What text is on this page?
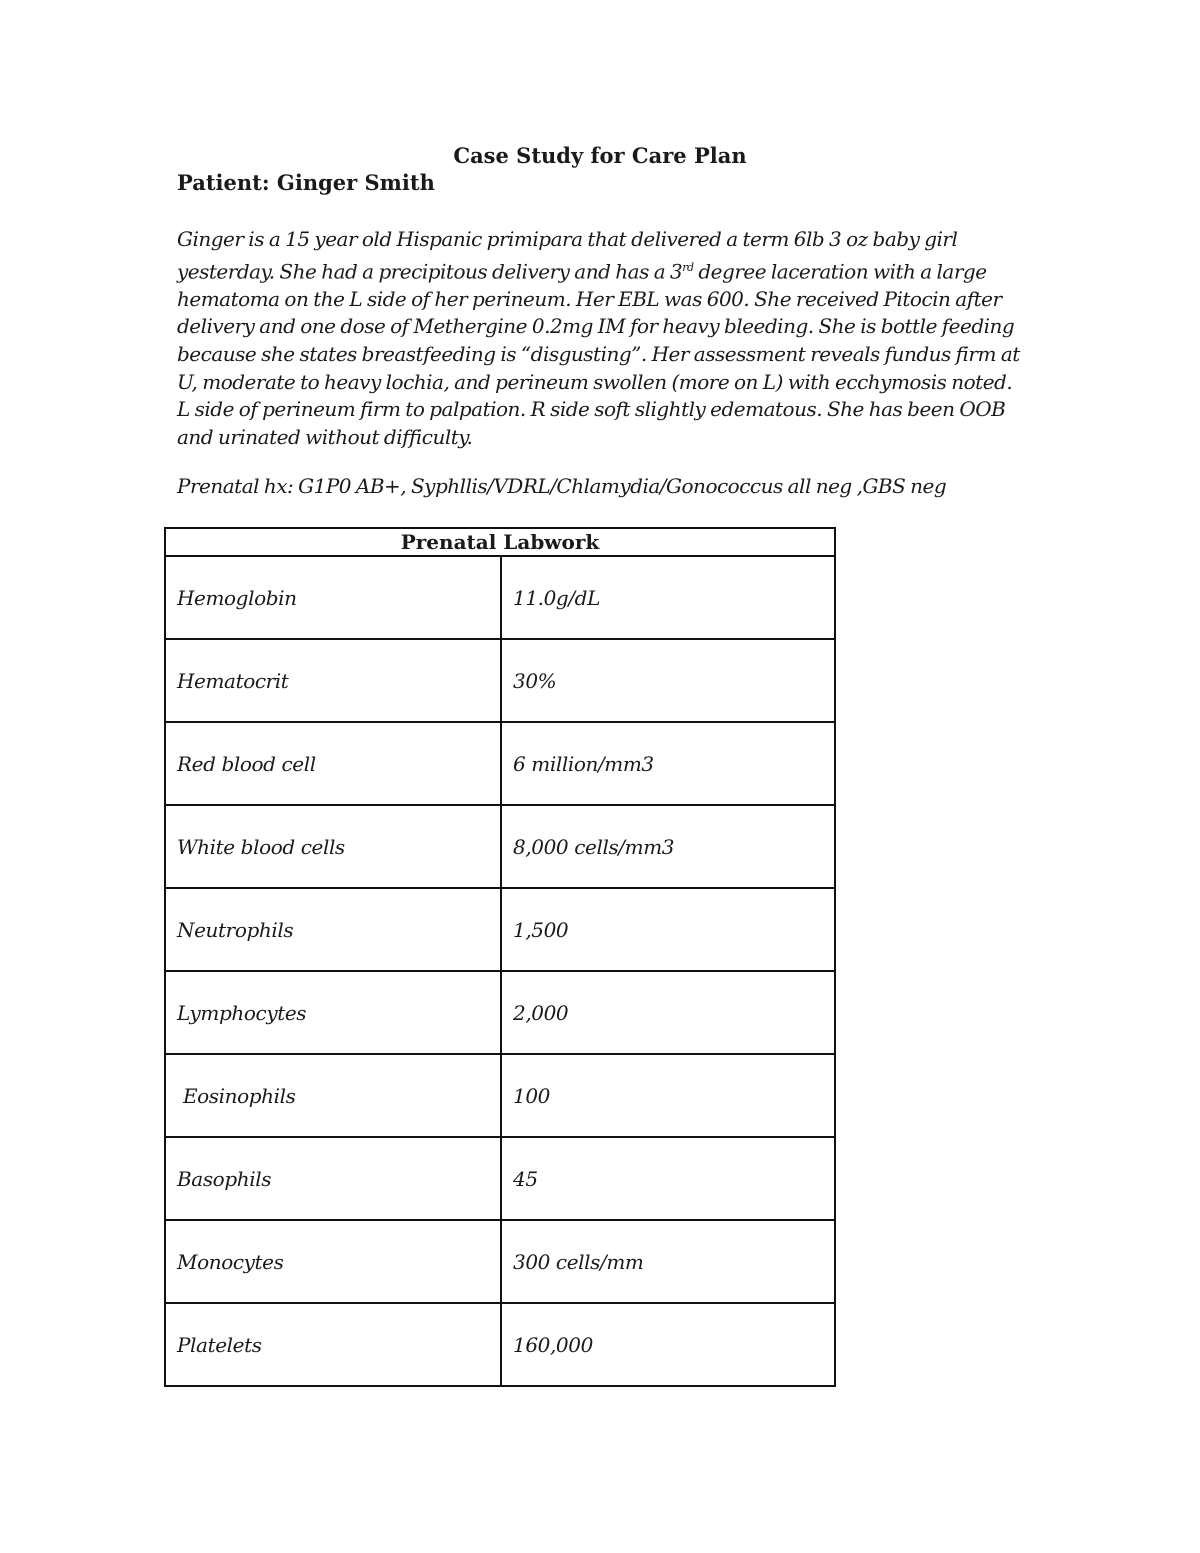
Case Study for Care Plan
Patient: Ginger Smith
Ginger is a 15 year old Hispanic primipara that delivered a term 6lb 3 oz baby girl
yesterday. She had a precipitous delivery and has a 3rd degree laceration with a large
hematoma on the L side of her perineum. Her EBL was 600. She received Pitocin after
delivery and one dose of Methergine 0.2mg IM for heavy bleeding. She is bottle feeding
because she states breastfeeding is “disgusting”. Her assessment reveals fundus firm at
U, moderate to heavy lochia, and perineum swollen (more on L) with ecchymosis noted.
L side of perineum firm to palpation. R side soft slightly edematous. She has been OOB
and urinated without difficulty.
Prenatal hx: G1P0 AB+, Syphllis/VDRL/Chlamydia/Gonococcus all neg ,GBS neg
Prenatal Labwork	
Hemoglobin	11.0g/dL
Hematocrit	30%
Red blood cell	6 million/mm3
White blood cells	8,000 cells/mm3
Neutrophils	1,500
Lymphocytes	2,000
Eosinophils	100
Basophils	45
Monocytes	300 cells/mm
Platelets	160,000
